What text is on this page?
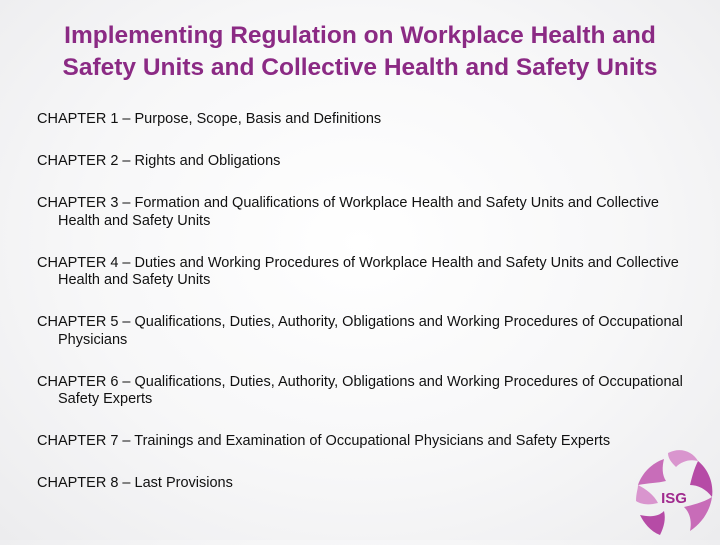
Implementing Regulation on Workplace Health and
Safety Units and Collective Health and Safety Units
CHAPTER 1 – Purpose, Scope, Basis and Definitions
CHAPTER 2 – Rights and Obligations
CHAPTER 3 – Formation and Qualifications of Workplace Health and Safety Units and Collective Health and Safety Units
CHAPTER 4 – Duties and Working Procedures of Workplace Health and Safety Units and Collective Health and Safety Units
CHAPTER 5 – Qualifications, Duties, Authority, Obligations and Working Procedures of Occupational Physicians
CHAPTER 6 – Qualifications, Duties, Authority, Obligations and Working Procedures of Occupational Safety Experts
CHAPTER 7 – Trainings and Examination of Occupational Physicians and Safety Experts
CHAPTER 8 – Last Provisions
ISG
